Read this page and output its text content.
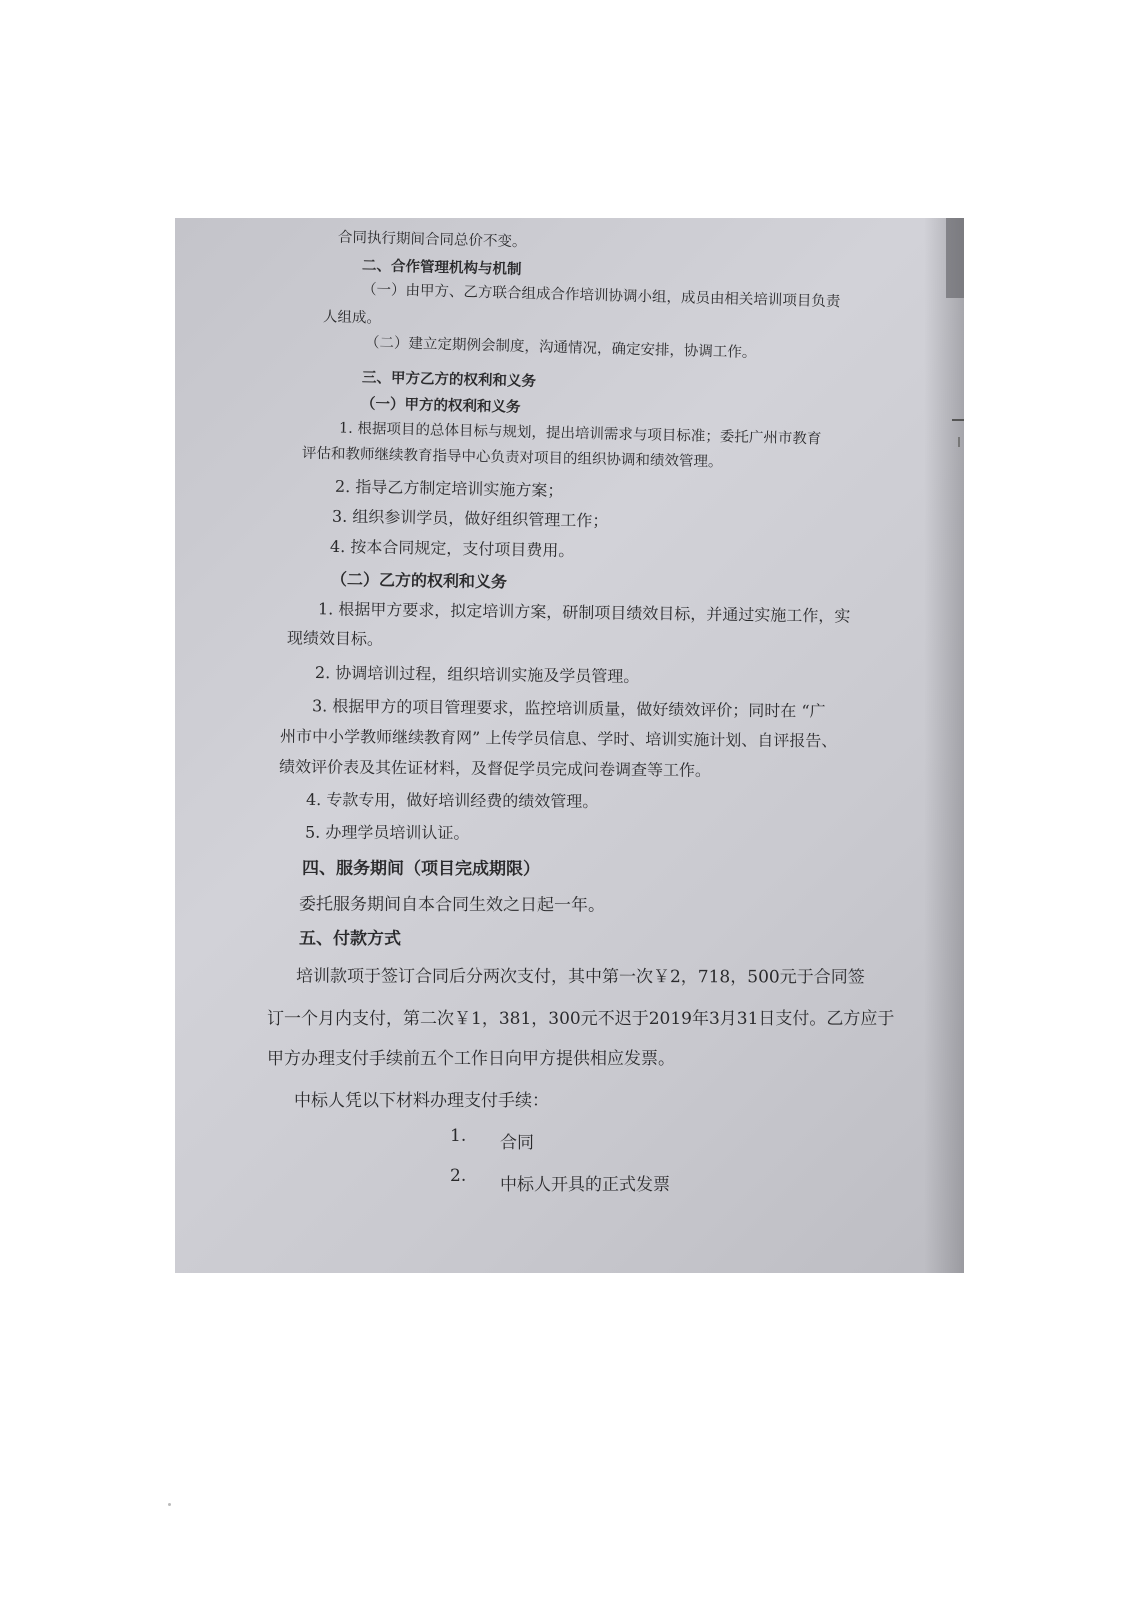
合同执行期间合同总价不变。
二、合作管理机构与机制
（一）由甲方、乙方联合组成合作培训协调小组，成员由相关培训项目负责
人组成。
（二）建立定期例会制度，沟通情况，确定安排，协调工作。
三、甲方乙方的权利和义务
（一）甲方的权利和义务
1. 根据项目的总体目标与规划，提出培训需求与项目标准；委托广州市教育
评估和教师继续教育指导中心负责对项目的组织协调和绩效管理。
2. 指导乙方制定培训实施方案；
3. 组织参训学员，做好组织管理工作；
4. 按本合同规定，支付项目费用。
（二）乙方的权利和义务
1. 根据甲方要求，拟定培训方案，研制项目绩效目标，并通过实施工作，实
现绩效目标。
2. 协调培训过程，组织培训实施及学员管理。
3. 根据甲方的项目管理要求，监控培训质量，做好绩效评价；同时在 “广
州市中小学教师继续教育网” 上传学员信息、学时、培训实施计划、自评报告、
绩效评价表及其佐证材料，及督促学员完成问卷调查等工作。
4. 专款专用，做好培训经费的绩效管理。
5. 办理学员培训认证。
四、服务期间（项目完成期限）
委托服务期间自本合同生效之日起一年。
五、付款方式
培训款项于签订合同后分两次支付，其中第一次￥2，718，500元于合同签
订一个月内支付，第二次￥1，381，300元不迟于2019年3月31日支付。乙方应于
甲方办理支付手续前五个工作日向甲方提供相应发票。
中标人凭以下材料办理支付手续：
1. 合同
2. 中标人开具的正式发票
